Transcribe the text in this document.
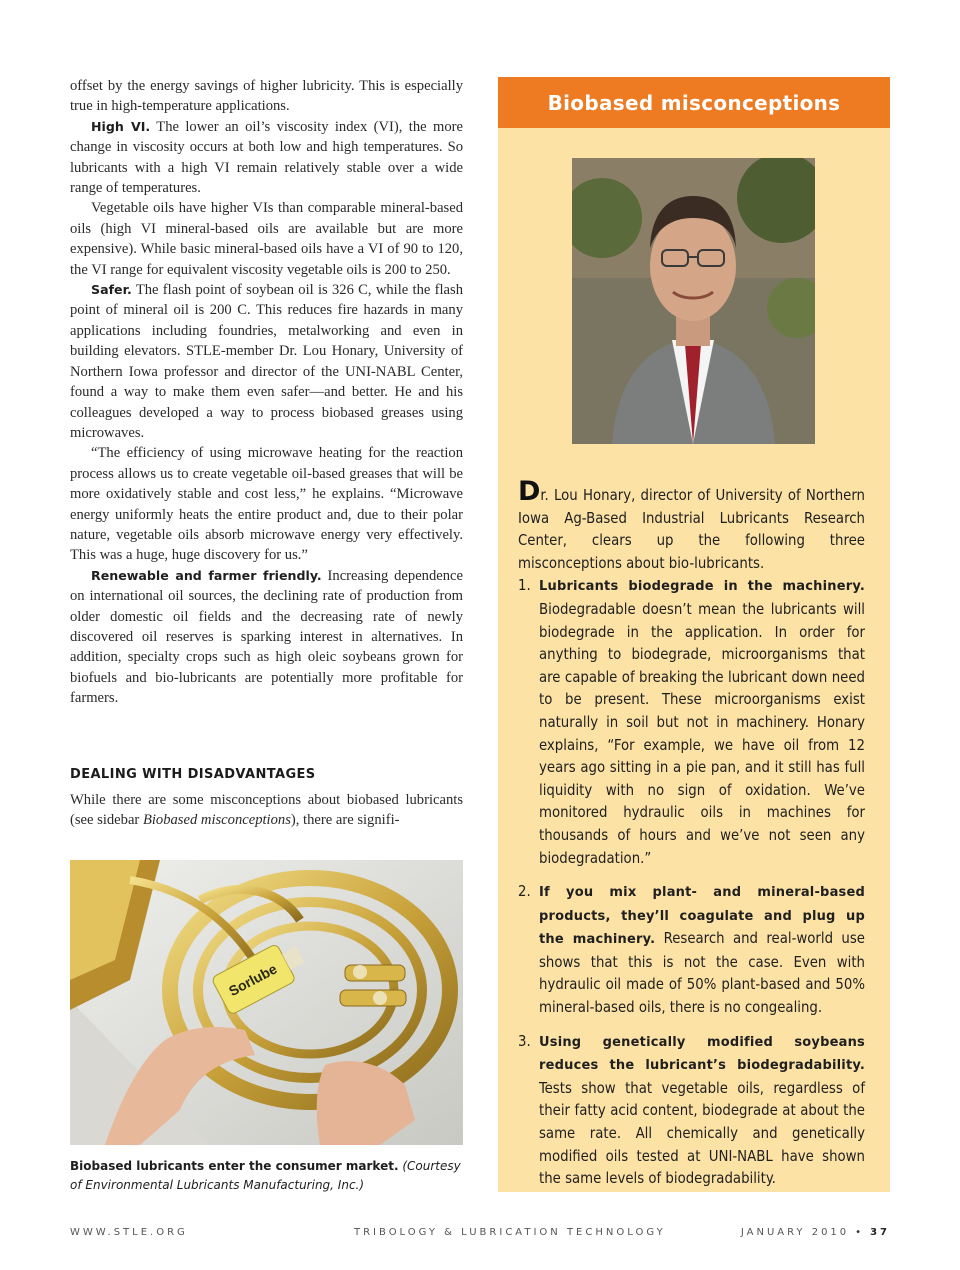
offset by the energy savings of higher lubricity. This is especially true in high-temperature applications.

High VI. The lower an oil’s viscosity index (VI), the more change in viscosity occurs at both low and high temperatures. So lubricants with a high VI remain relatively stable over a wide range of temperatures.

Vegetable oils have higher VIs than comparable mineral-based oils (high VI mineral-based oils are available but are more expensive). While basic mineral-based oils have a VI of 90 to 120, the VI range for equivalent viscosity vegetable oils is 200 to 250.

Safer. The flash point of soybean oil is 326 C, while the flash point of mineral oil is 200 C. This reduces fire hazards in many applications including foundries, metalworking and even in building elevators. STLE-member Dr. Lou Honary, University of Northern Iowa professor and director of the UNI-NABL Center, found a way to make them even safer—and better. He and his colleagues developed a way to process biobased greases using microwaves.

“The efficiency of using microwave heating for the reaction process allows us to create vegetable oil-based greases that will be more oxidatively stable and cost less,” he explains. “Microwave energy uniformly heats the entire product and, due to their polar nature, vegetable oils absorb microwave energy very effectively. This was a huge, huge discovery for us.”

Renewable and farmer friendly. Increasing dependence on international oil sources, the declining rate of production from older domestic oil fields and the decreasing rate of newly discovered oil reserves is sparking interest in alternatives. In addition, specialty crops such as high oleic soybeans grown for biofuels and bio-lubricants are potentially more profitable for farmers.

DEALING WITH DISADVANTAGES

While there are some misconceptions about biobased lubricants (see sidebar Biobased misconceptions), there are signifi-

Sorlube
Biobased lubricants enter the consumer market. (Courtesy of Environmental Lubricants Manufacturing, Inc.)
Biobased misconceptions

Dr. Lou Honary, director of University of Northern Iowa Ag-Based Industrial Lubricants Research Center, clears up the following three misconceptions about bio-lubricants.

1. Lubricants biodegrade in the machinery. Biodegradable doesn’t mean the lubricants will biodegrade in the application. In order for anything to biodegrade, microorganisms that are capable of breaking the lubricant down need to be present. These microorganisms exist naturally in soil but not in machinery. Honary explains, “For example, we have oil from 12 years ago sitting in a pie pan, and it still has full liquidity with no sign of oxidation. We’ve monitored hydraulic oils in machines for thousands of hours and we’ve not seen any biodegradation.”
2. If you mix plant- and mineral-based products, they’ll coagulate and plug up the machinery. Research and real-world use shows that this is not the case. Even with hydraulic oil made of 50% plant-based and 50% mineral-based oils, there is no congealing.
3. Using genetically modified soybeans reduces the lubricant’s biodegradability. Tests show that vegetable oils, regardless of their fatty acid content, biodegrade at about the same rate. All chemically and genetically modified oils tested at UNI-NABL have shown the same levels of biodegradability.
WWW.STLE.ORG	TRIBOLOGY & LUBRICATION TECHNOLOGY	JANUARY 2010 • 37
